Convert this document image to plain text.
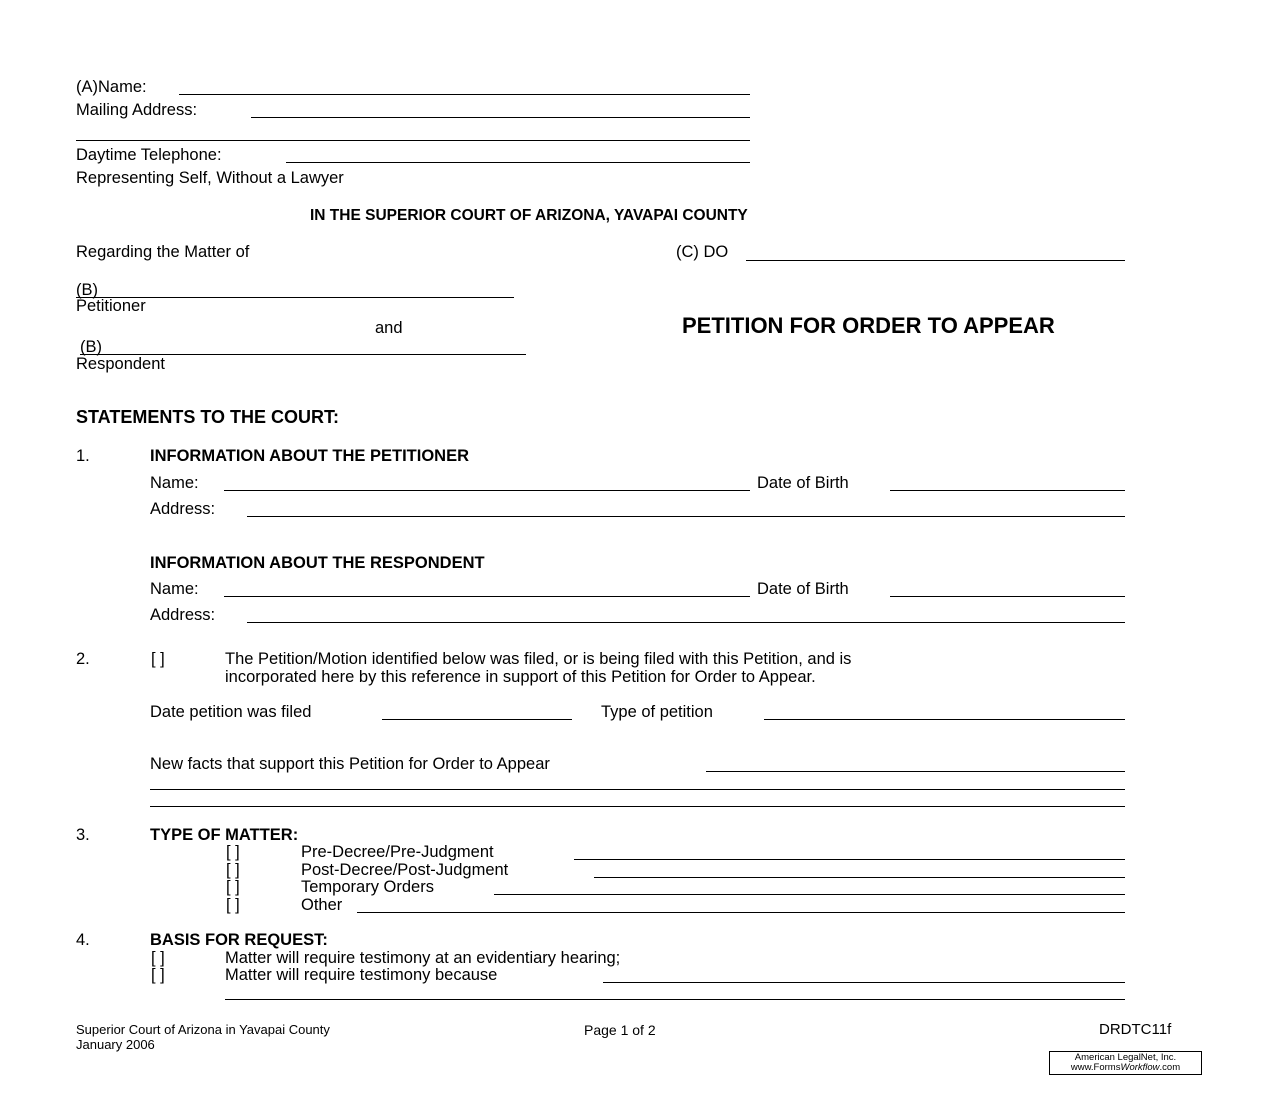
(A)Name:
Mailing Address:
Daytime Telephone:
Representing Self, Without a Lawyer
IN THE SUPERIOR COURT OF ARIZONA, YAVAPAI COUNTY
Regarding the Matter of	(C) DO
(B)
Petitioner
and
(B)
Respondent
PETITION FOR ORDER TO APPEAR
STATEMENTS TO THE COURT:
1.	INFORMATION ABOUT THE PETITIONER
Name:	Date of Birth
Address:
INFORMATION ABOUT THE RESPONDENT
Name:	Date of Birth
Address:
2.	[ ]	The Petition/Motion identified below was filed, or is being filed with this Petition, and is
incorporated here by this reference in support of this Petition for Order to Appear.
Date petition was filed	Type of petition
New facts that support this Petition for Order to Appear
3.	TYPE OF MATTER:
[ ]	Pre-Decree/Pre-Judgment
[ ]	Post-Decree/Post-Judgment
[ ]	Temporary Orders
[ ]	Other
4.	BASIS FOR REQUEST:
[ ]	Matter will require testimony at an evidentiary hearing;
[ ]	Matter will require testimony because
Superior Court of Arizona in Yavapai County
January 2006
Page 1 of 2	DRDTC11f
American LegalNet, Inc.
www.FormsWorkflow.com
